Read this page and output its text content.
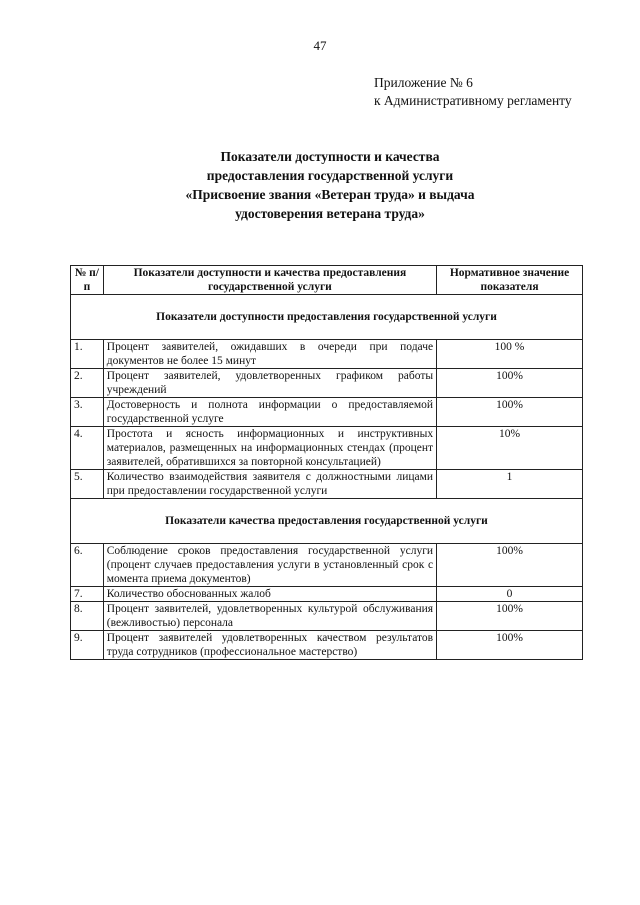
47
Приложение № 6
к Административному регламенту
Показатели доступности и качества
предоставления государственной услуги
«Присвоение звания «Ветеран труда» и выдача
удостоверения ветерана труда»
№ п/п	Показатели доступности и качества предоставления государственной услуги	Нормативное значение показателя
Показатели доступности предоставления государственной услуги		
1.	Процент заявителей, ожидавших в очереди при подаче документов не более 15 минут	100 %
2.	Процент заявителей, удовлетворенных графиком работы учреждений	100%
3.	Достоверность и полнота информации о предоставляемой государственной услуге	100%
4.	Простота и ясность информационных и инструктивных материалов, размещенных на информационных стендах (процент заявителей, обратившихся за повторной консультацией)	10%
5.	Количество взаимодействия заявителя с должностными лицами при предоставлении государственной услуги	1
Показатели качества предоставления государственной услуги		
6.	Соблюдение сроков предоставления государственной услуги (процент случаев предоставления услуги в установленный срок с момента приема документов)	100%
7.	Количество обоснованных жалоб	0
8.	Процент заявителей, удовлетворенных культурой обслуживания (вежливостью) персонала	100%
9.	Процент заявителей удовлетворенных качеством результатов труда сотрудников (профессиональное мастерство)	100%
